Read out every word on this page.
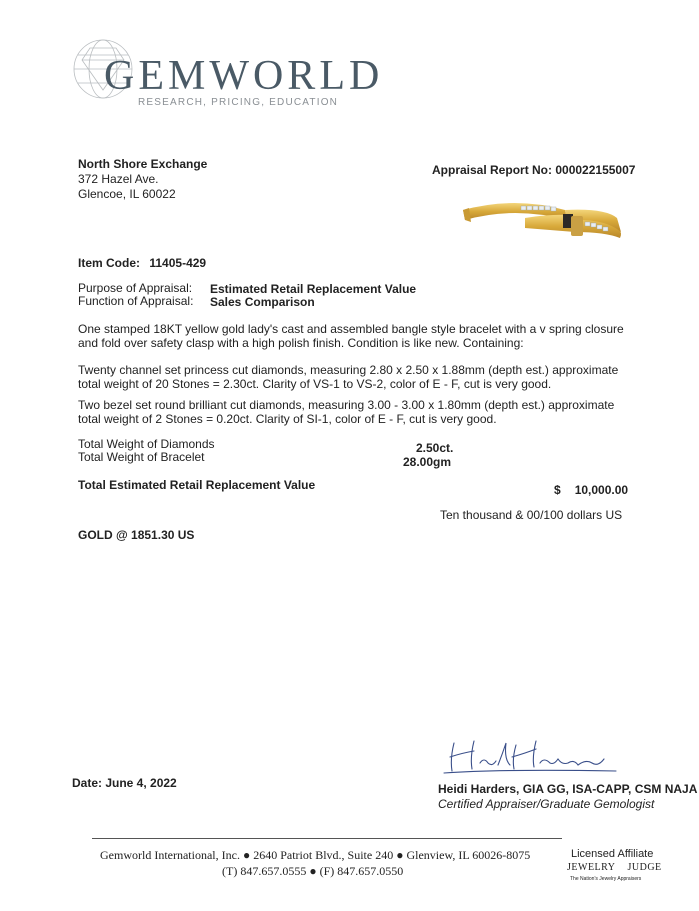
GEMWORLD
RESEARCH, PRICING, EDUCATION
North Shore Exchange
372 Hazel Ave.
Glencoe, IL 60022
Appraisal Report No: 000022155007
Item Code: 11405-429
Purpose of Appraisal: Estimated Retail Replacement Value
Function of Appraisal: Sales Comparison
One stamped 18KT yellow gold lady's cast and assembled bangle style bracelet with a v spring closure and fold over safety clasp with a high polish finish. Condition is like new. Containing:
Twenty channel set princess cut diamonds, measuring 2.80 x 2.50 x 1.88mm (depth est.) approximate total weight of 20 Stones = 2.30ct. Clarity of VS-1 to VS-2, color of E - F, cut is very good.
Two bezel set round brilliant cut diamonds, measuring 3.00 - 3.00 x 1.80mm (depth est.) approximate total weight of 2 Stones = 0.20ct. Clarity of SI-1, color of E - F, cut is very good.
Total Weight of Diamonds	2.50ct.
Total Weight of Bracelet	28.00gm
Total Estimated Retail Replacement Value	$ 10,000.00
Ten thousand & 00/100 dollars US
GOLD @ 1851.30 US
Date: June 4, 2022	Heidi Harders, GIA GG, ISA-CAPP, CSM NAJA
Certified Appraiser/Graduate Gemologist
Gemworld International, Inc. ● 2640 Patriot Blvd., Suite 240 ● Glenview, IL 60026-8075
(T) 847.657.0555 ● (F) 847.657.0550
Licensed Affiliate
JEWELRY JUDGE
The Nation's Jewelry Appraisers
